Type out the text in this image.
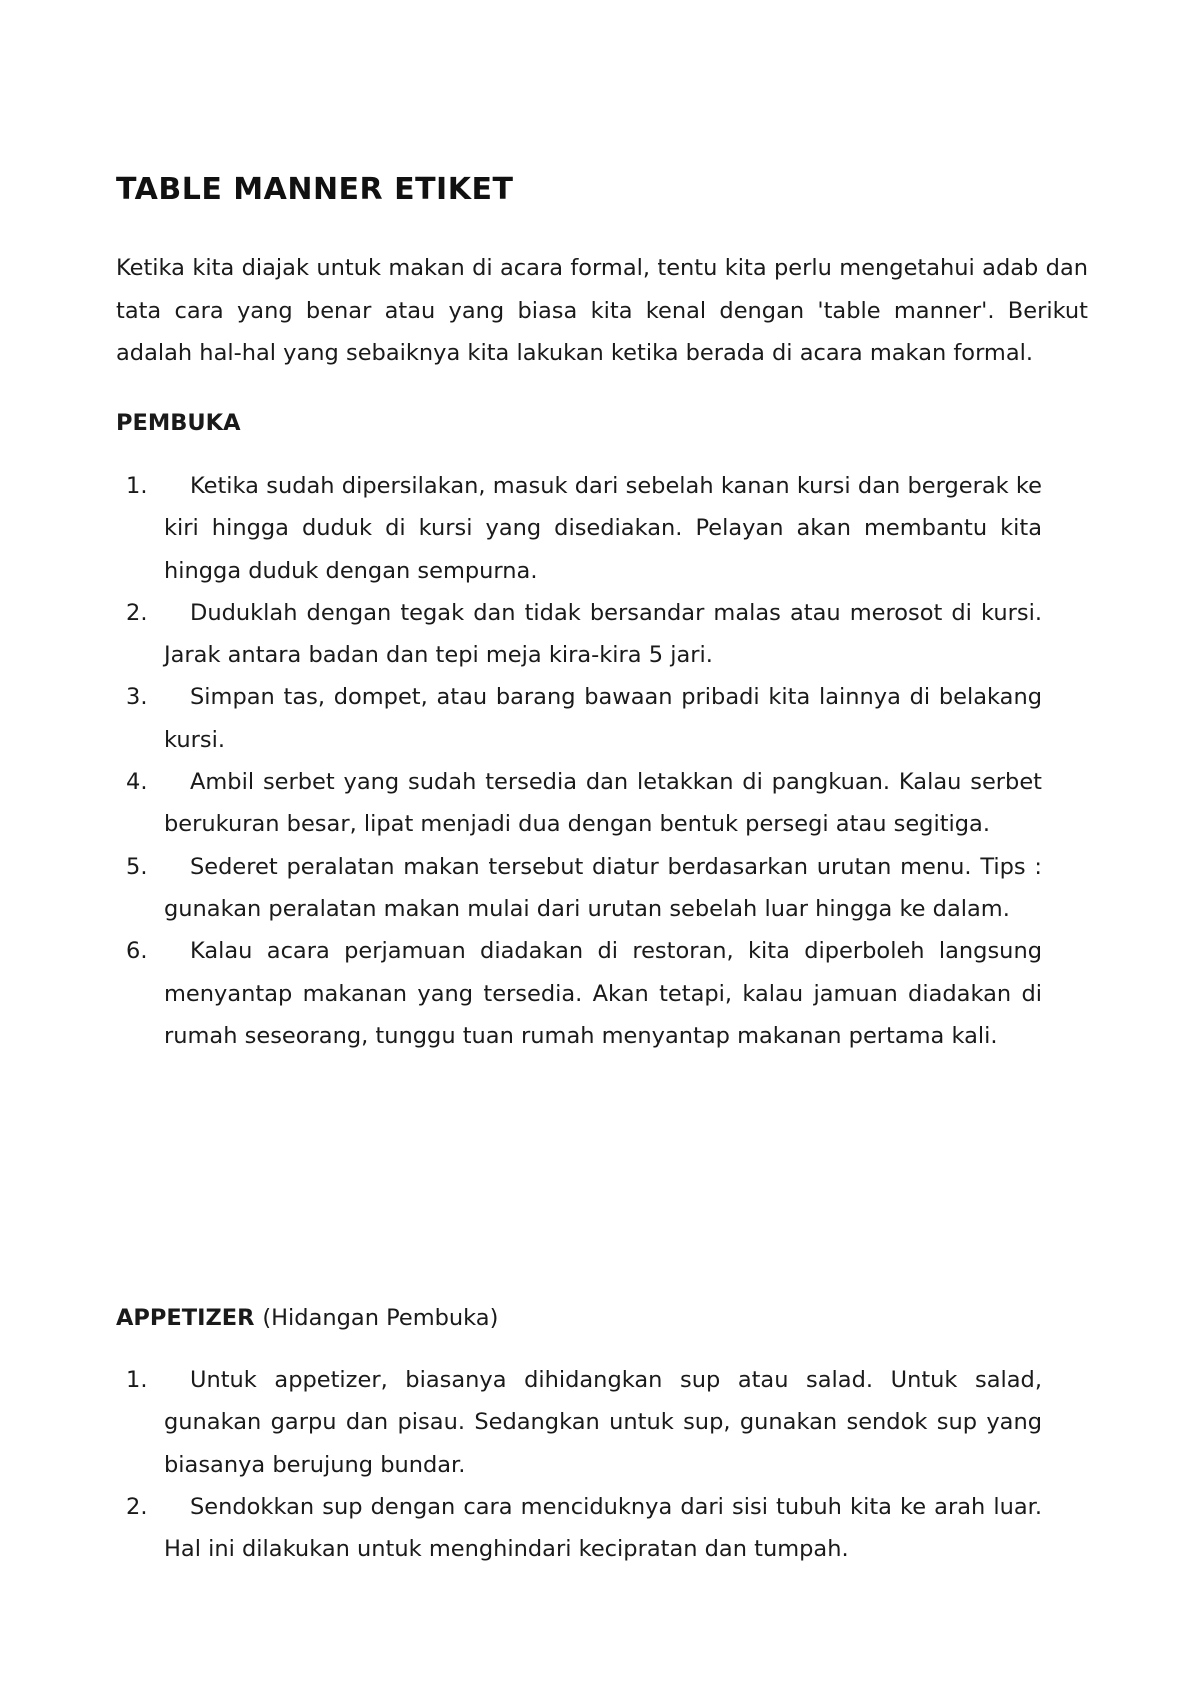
TABLE MANNER ETIKET

Ketika kita diajak untuk makan di acara formal, tentu kita perlu mengetahui adab dan tata cara yang benar atau yang biasa kita kenal dengan 'table manner'. Berikut adalah hal-hal yang sebaiknya kita lakukan ketika berada di acara makan formal.

PEMBUKA
1. Ketika sudah dipersilakan, masuk dari sebelah kanan kursi dan bergerak ke kiri hingga duduk di kursi yang disediakan. Pelayan akan membantu kita hingga duduk dengan sempurna.
2. Duduklah dengan tegak dan tidak bersandar malas atau merosot di kursi. Jarak antara badan dan tepi meja kira-kira 5 jari.
3. Simpan tas, dompet, atau barang bawaan pribadi kita lainnya di belakang kursi.
4. Ambil serbet yang sudah tersedia dan letakkan di pangkuan. Kalau serbet berukuran besar, lipat menjadi dua dengan bentuk persegi atau segitiga.
5. Sederet peralatan makan tersebut diatur berdasarkan urutan menu. Tips : gunakan peralatan makan mulai dari urutan sebelah luar hingga ke dalam.
6. Kalau acara perjamuan diadakan di restoran, kita diperboleh langsung menyantap makanan yang tersedia. Akan tetapi, kalau jamuan diadakan di rumah seseorang, tunggu tuan rumah menyantap makanan pertama kali.
APPETIZER (Hidangan Pembuka)
1. Untuk appetizer, biasanya dihidangkan sup atau salad. Untuk salad, gunakan garpu dan pisau. Sedangkan untuk sup, gunakan sendok sup yang biasanya berujung bundar.
2. Sendokkan sup dengan cara menciduknya dari sisi tubuh kita ke arah luar. Hal ini dilakukan untuk menghindari kecipratan dan tumpah.
